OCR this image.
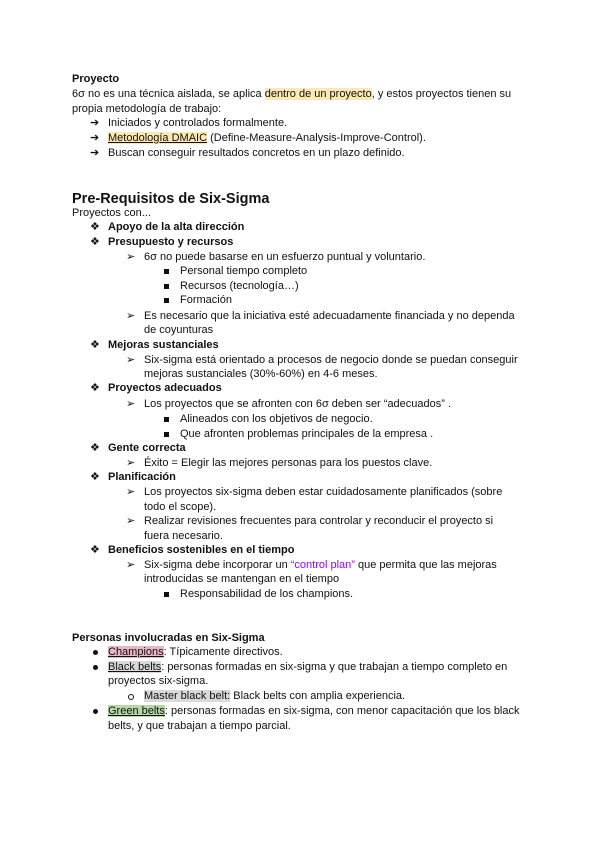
Proyecto
6σ no es una técnica aislada, se aplica dentro de un proyecto, y estos proyectos tienen su
propia metodología de trabajo:
➔ Iniciados y controlados formalmente.
➔ Metodología DMAIC (Define-Measure-Analysis-Improve-Control).
➔ Buscan conseguir resultados concretos en un plazo definido.
Pre-Requisitos de Six-Sigma
Proyectos con...
❖ Apoyo de la alta dirección
❖ Presupuesto y recursos
➢ 6σ no puede basarse en un esfuerzo puntual y voluntario.
Personal tiempo completo
Recursos (tecnología…)
Formación
➢ Es necesario que la iniciativa esté adecuadamente financiada y no dependa
de coyunturas
❖ Mejoras sustanciales
➢ Six-sigma está orientado a procesos de negocio donde se puedan conseguir
mejoras sustanciales (30%-60%) en 4-6 meses.
❖ Proyectos adecuados
➢ Los proyectos que se afronten con 6σ deben ser “adecuados” .
Alineados con los objetivos de negocio.
Que afronten problemas principales de la empresa .
❖ Gente correcta
➢ Éxito = Elegir las mejores personas para los puestos clave.
❖ Planificación
➢ Los proyectos six-sigma deben estar cuidadosamente planificados (sobre
todo el scope).
➢ Realizar revisiones frecuentes para controlar y reconducir el proyecto si
fuera necesario.
❖ Beneficios sostenibles en el tiempo
➢ Six-sigma debe incorporar un “control plan” que permita que las mejoras
introducidas se mantengan en el tiempo
Responsabilidad de los champions.
Personas involucradas en Six-Sigma
Champions: Típicamente directivos.
Black belts: personas formadas en six-sigma y que trabajan a tiempo completo en
proyectos six-sigma.
Master black belt: Black belts con amplia experiencia.
Green belts: personas formadas en six-sigma, con menor capacitación que los black
belts, y que trabajan a tiempo parcial.
